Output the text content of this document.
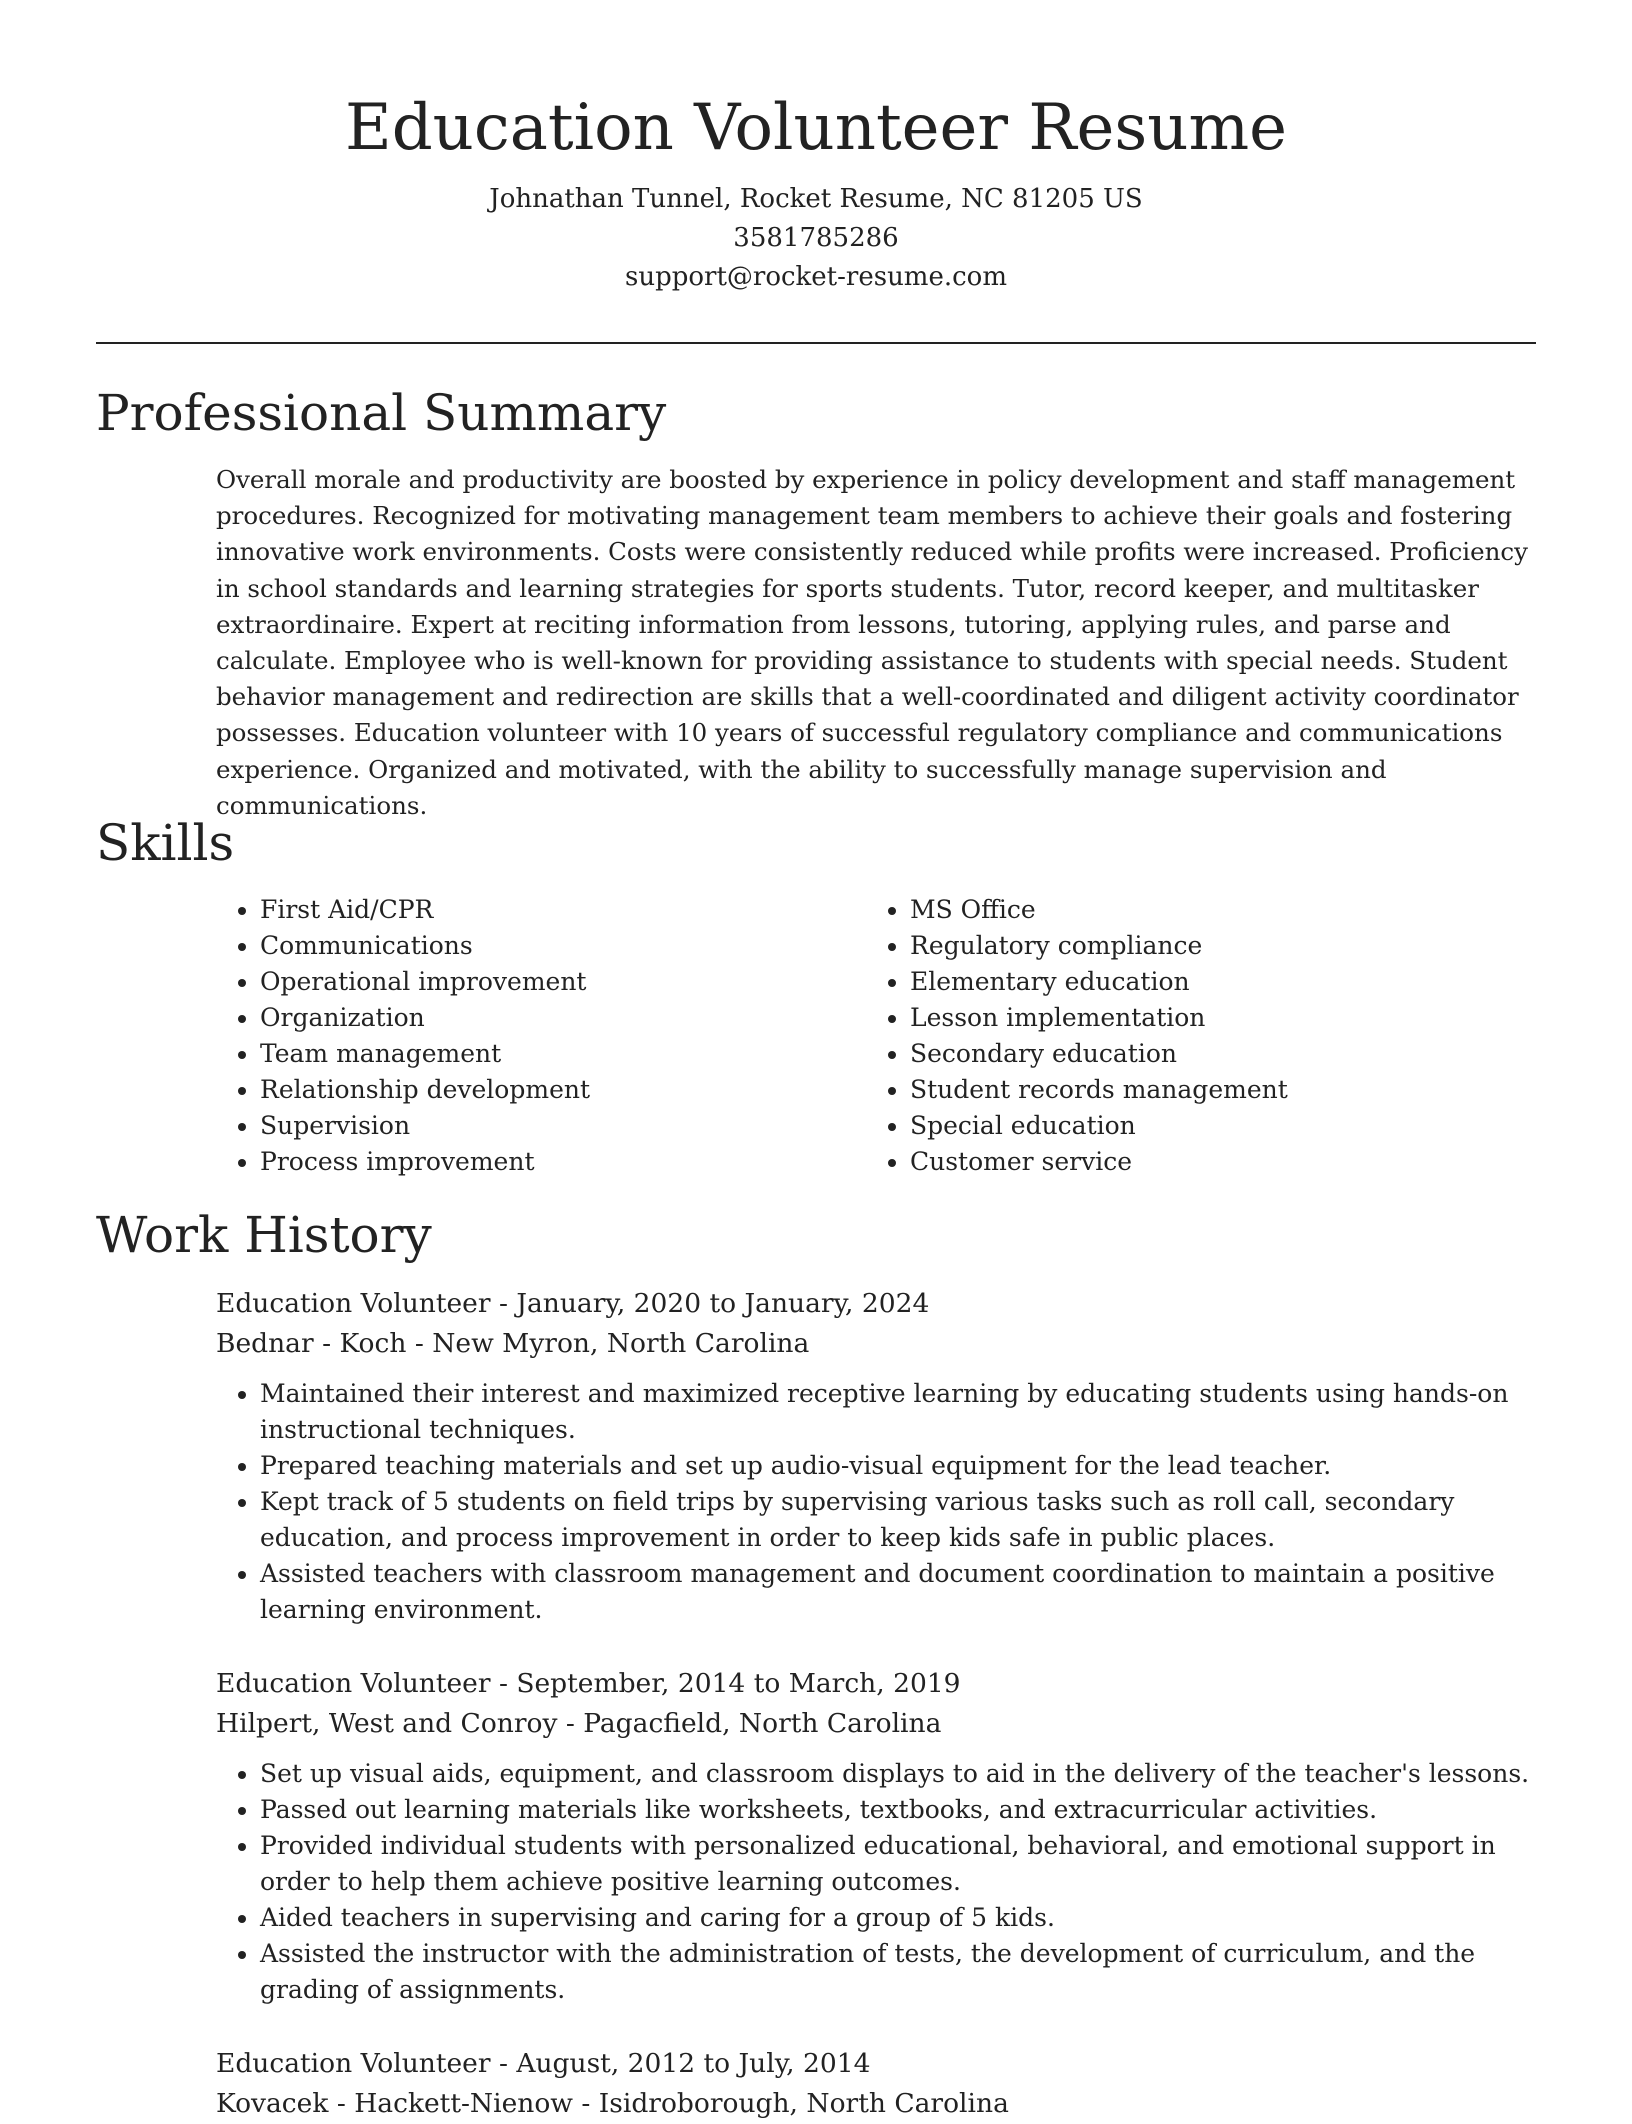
Education Volunteer Resume
Johnathan Tunnel, Rocket Resume, NC 81205 US
3581785286
support@rocket-resume.com
Professional Summary

Overall morale and productivity are boosted by experience in policy development and staff management procedures. Recognized for motivating management team members to achieve their goals and fostering innovative work environments. Costs were consistently reduced while profits were increased. Proficiency in school standards and learning strategies for sports students. Tutor, record keeper, and multitasker extraordinaire. Expert at reciting information from lessons, tutoring, applying rules, and parse and calculate. Employee who is well-known for providing assistance to students with special needs. Student behavior management and redirection are skills that a well-coordinated and diligent activity coordinator possesses. Education volunteer with 10 years of successful regulatory compliance and communications experience. Organized and motivated, with the ability to successfully manage supervision and communications.

Skills
• First Aid/CPR
• Communications
• Operational improvement
• Organization
• Team management
• Relationship development
• Supervision
• Process improvement
• MS Office
• Regulatory compliance
• Elementary education
• Lesson implementation
• Secondary education
• Student records management
• Special education
• Customer service
Work History
Education Volunteer - January, 2020 to January, 2024
Bednar - Koch - New Myron, North Carolina
• Maintained their interest and maximized receptive learning by educating students using hands-on instructional techniques.
• Prepared teaching materials and set up audio-visual equipment for the lead teacher.
• Kept track of 5 students on field trips by supervising various tasks such as roll call, secondary education, and process improvement in order to keep kids safe in public places.
• Assisted teachers with classroom management and document coordination to maintain a positive learning environment.
Education Volunteer - September, 2014 to March, 2019
Hilpert, West and Conroy - Pagacfield, North Carolina
• Set up visual aids, equipment, and classroom displays to aid in the delivery of the teacher's lessons.
• Passed out learning materials like worksheets, textbooks, and extracurricular activities.
• Provided individual students with personalized educational, behavioral, and emotional support in order to help them achieve positive learning outcomes.
• Aided teachers in supervising and caring for a group of 5 kids.
• Assisted the instructor with the administration of tests, the development of curriculum, and the grading of assignments.
Education Volunteer - August, 2012 to July, 2014
Kovacek - Hackett-Nienow - Isidroborough, North Carolina
